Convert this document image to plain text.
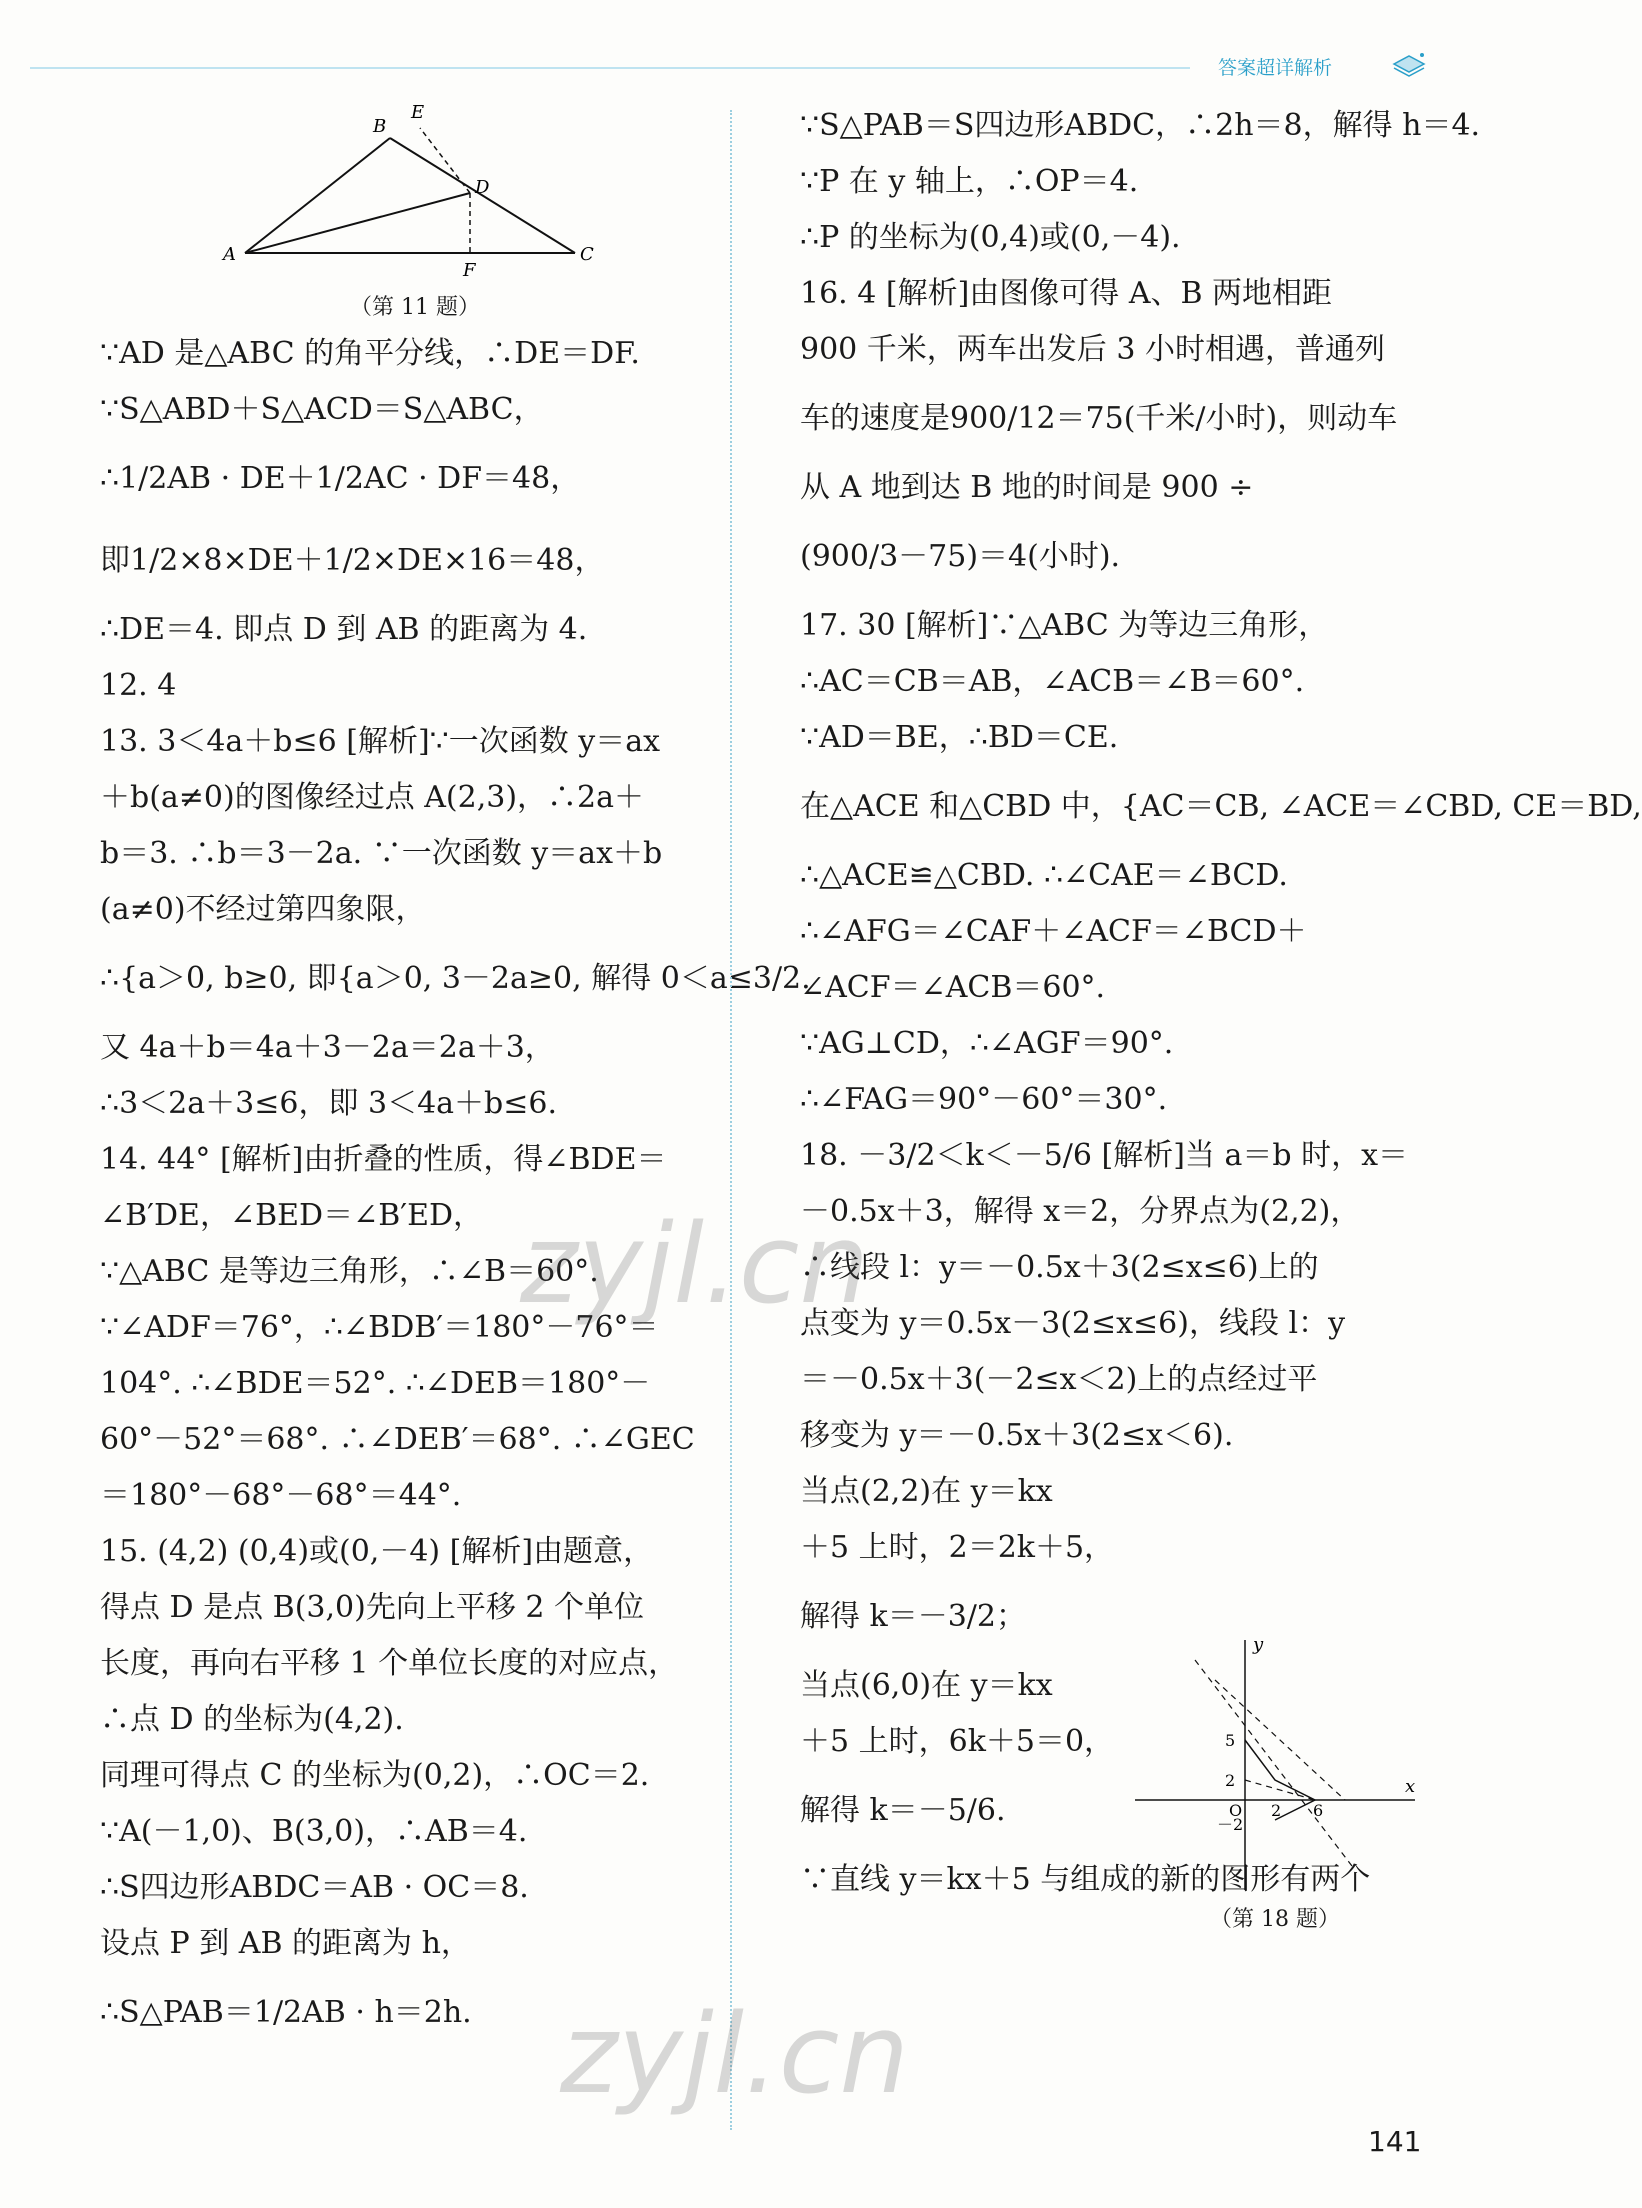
答案超详解析
A
B
C
D
E
F
（第 11 题）
∵AD 是△ABC 的角平分线，∴DE＝DF.
∵S△ABD＋S△ACD＝S△ABC，
∴1/2AB · DE＋1/2AC · DF＝48，
即1/2×8×DE＋1/2×DE×16＝48，
∴DE＝4. 即点 D 到 AB 的距离为 4.
12. 4
13. 3＜4a＋b≤6 [解析]∵一次函数 y＝ax
＋b(a≠0)的图像经过点 A(2,3)，∴2a＋
b＝3. ∴b＝3－2a. ∵一次函数 y＝ax＋b
(a≠0)不经过第四象限，
∴{a＞0, b≥0, 即{a＞0, 3－2a≥0, 解得 0＜a≤3/2.
又 4a＋b＝4a＋3－2a＝2a＋3，
∴3＜2a＋3≤6，即 3＜4a＋b≤6.
14. 44° [解析]由折叠的性质，得∠BDE＝
∠B′DE，∠BED＝∠B′ED，
∵△ABC 是等边三角形，∴∠B＝60°.
∵∠ADF＝76°，∴∠BDB′＝180°－76°＝
104°. ∴∠BDE＝52°. ∴∠DEB＝180°－
60°－52°＝68°. ∴∠DEB′＝68°. ∴∠GEC
＝180°－68°－68°＝44°.
15. (4,2) (0,4)或(0,－4) [解析]由题意，
得点 D 是点 B(3,0)先向上平移 2 个单位
长度，再向右平移 1 个单位长度的对应点，
∴点 D 的坐标为(4,2).
同理可得点 C 的坐标为(0,2)，∴OC＝2.
∵A(－1,0)、B(3,0)，∴AB＝4.
∴S四边形ABDC＝AB · OC＝8.
设点 P 到 AB 的距离为 h，
∴S△PAB＝1/2AB · h＝2h.
∵S△PAB＝S四边形ABDC，∴2h＝8，解得 h＝4.
∵P 在 y 轴上，∴OP＝4.
∴P 的坐标为(0,4)或(0,－4).
16. 4 [解析]由图像可得 A、B 两地相距
900 千米，两车出发后 3 小时相遇，普通列
车的速度是900/12＝75(千米/小时)，则动车
从 A 地到达 B 地的时间是 900 ÷
(900/3－75)＝4(小时).
17. 30 [解析]∵△ABC 为等边三角形，
∴AC＝CB＝AB，∠ACB＝∠B＝60°.
∵AD＝BE，∴BD＝CE.
在△ACE 和△CBD 中，{AC＝CB, ∠ACE＝∠CBD, CE＝BD,
∴△ACE≌△CBD. ∴∠CAE＝∠BCD.
∴∠AFG＝∠CAF＋∠ACF＝∠BCD＋
∠ACF＝∠ACB＝60°.
∵AG⊥CD，∴∠AGF＝90°.
∴∠FAG＝90°－60°＝30°.
18. －3/2＜k＜－5/6 [解析]当 a＝b 时，x＝
－0.5x＋3，解得 x＝2，分界点为(2,2)，
∴线段 l：y＝－0.5x＋3(2≤x≤6)上的
点变为 y＝0.5x－3(2≤x≤6)，线段 l：y
＝－0.5x＋3(－2≤x＜2)上的点经过平
移变为 y＝－0.5x＋3(2≤x＜6).
当点(2,2)在 y＝kx
＋5 上时，2＝2k＋5，
解得 k＝－3/2；
当点(6,0)在 y＝kx
＋5 上时，6k＋5＝0，
解得 k＝－5/6.
∵直线 y＝kx＋5 与组成的新的图形有两个
y
x
O
5
2
－2
2 6
（第 18 题）
141
zyjl.cn
zyjl.cn
